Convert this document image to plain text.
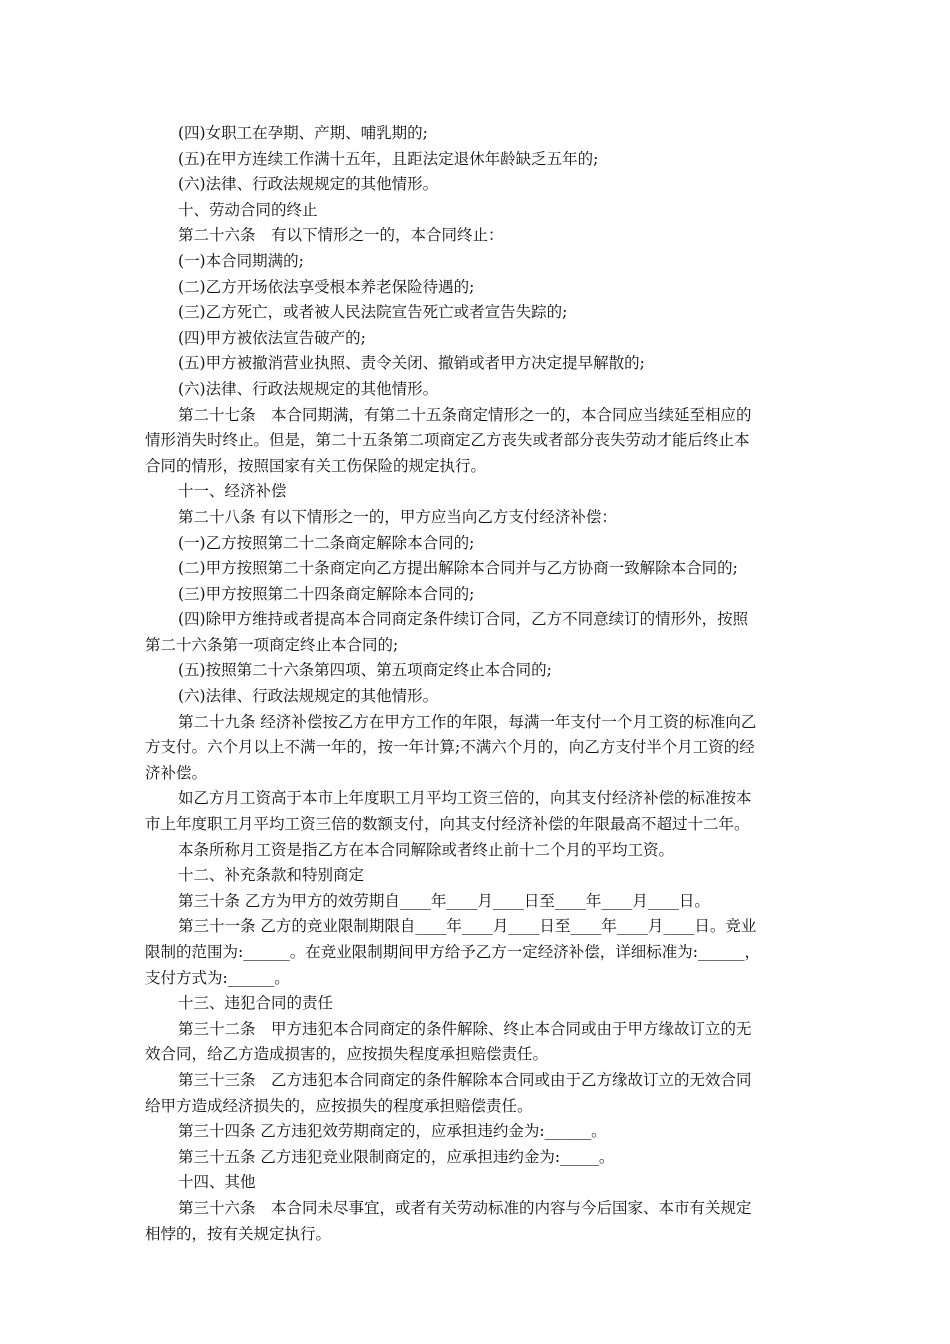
(四)女职工在孕期、产期、哺乳期的;
(五)在甲方连续工作满十五年，且距法定退休年龄缺乏五年的;
(六)法律、行政法规规定的其他情形。
十、劳动合同的终止
第二十六条　有以下情形之一的，本合同终止：
(一)本合同期满的;
(二)乙方开场依法享受根本养老保险待遇的;
(三)乙方死亡，或者被人民法院宣告死亡或者宣告失踪的;
(四)甲方被依法宣告破产的;
(五)甲方被撤消营业执照、责令关闭、撤销或者甲方决定提早解散的;
(六)法律、行政法规规定的其他情形。
第二十七条　本合同期满，有第二十五条商定情形之一的，本合同应当续延至相应的
情形消失时终止。但是，第二十五条第二项商定乙方丧失或者部分丧失劳动才能后终止本
合同的情形，按照国家有关工伤保险的规定执行。
十一、经济补偿
第二十八条 有以下情形之一的，甲方应当向乙方支付经济补偿：
(一)乙方按照第二十二条商定解除本合同的;
(二)甲方按照第二十条商定向乙方提出解除本合同并与乙方协商一致解除本合同的;
(三)甲方按照第二十四条商定解除本合同的;
(四)除甲方维持或者提高本合同商定条件续订合同，乙方不同意续订的情形外，按照
第二十六条第一项商定终止本合同的;
(五)按照第二十六条第四项、第五项商定终止本合同的;
(六)法律、行政法规规定的其他情形。
第二十九条 经济补偿按乙方在甲方工作的年限，每满一年支付一个月工资的标准向乙
方支付。六个月以上不满一年的，按一年计算;不满六个月的，向乙方支付半个月工资的经
济补偿。
如乙方月工资高于本市上年度职工月平均工资三倍的，向其支付经济补偿的标准按本
市上年度职工月平均工资三倍的数额支付，向其支付经济补偿的年限最高不超过十二年。
本条所称月工资是指乙方在本合同解除或者终止前十二个月的平均工资。
十二、补充条款和特别商定
第三十条 乙方为甲方的效劳期自____年____月____日至____年____月____日。
第三十一条 乙方的竞业限制期限自____年____月____日至____年____月____日。竞业
限制的范围为:______。在竞业限制期间甲方给予乙方一定经济补偿，详细标准为:______，
支付方式为:______。
十三、违犯合同的责任
第三十二条　甲方违犯本合同商定的条件解除、终止本合同或由于甲方缘故订立的无
效合同，给乙方造成损害的，应按损失程度承担赔偿责任。
第三十三条　乙方违犯本合同商定的条件解除本合同或由于乙方缘故订立的无效合同
给甲方造成经济损失的，应按损失的程度承担赔偿责任。
第三十四条 乙方违犯效劳期商定的，应承担违约金为:______。
第三十五条 乙方违犯竞业限制商定的，应承担违约金为:_____。
十四、其他
第三十六条　本合同未尽事宜，或者有关劳动标准的内容与今后国家、本市有关规定
相悖的，按有关规定执行。
